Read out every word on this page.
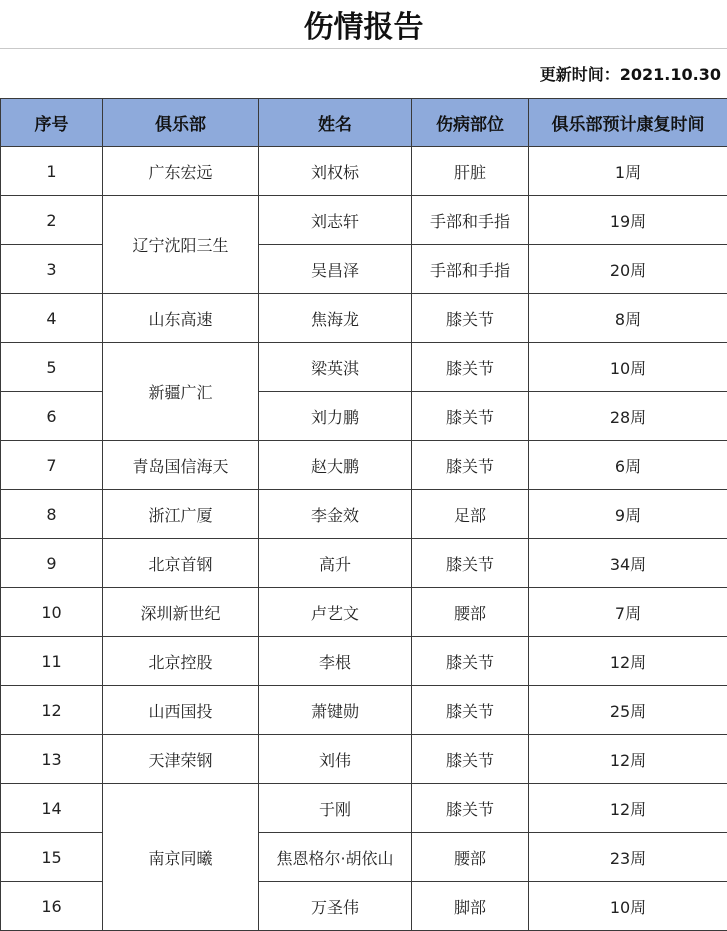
伤情报告
更新时间：2021.10.30
序号	俱乐部	姓名	伤病部位	俱乐部预计康复时间
1	广东宏远	刘权标	肝脏	1周
2	辽宁沈阳三生	刘志轩	手部和手指	19周
3		吴昌泽	手部和手指	20周
4	山东高速	焦海龙	膝关节	8周
5	新疆广汇	梁英淇	膝关节	10周
6		刘力鹏	膝关节	28周
7	青岛国信海天	赵大鹏	膝关节	6周
8	浙江广厦	李金效	足部	9周
9	北京首钢	高升	膝关节	34周
10	深圳新世纪	卢艺文	腰部	7周
11	北京控股	李根	膝关节	12周
12	山西国投	萧键勋	膝关节	25周
13	天津荣钢	刘伟	膝关节	12周
14	南京同曦	于刚	膝关节	12周
15		焦恩格尔·胡依山	腰部	23周
16		万圣伟	脚部	10周
